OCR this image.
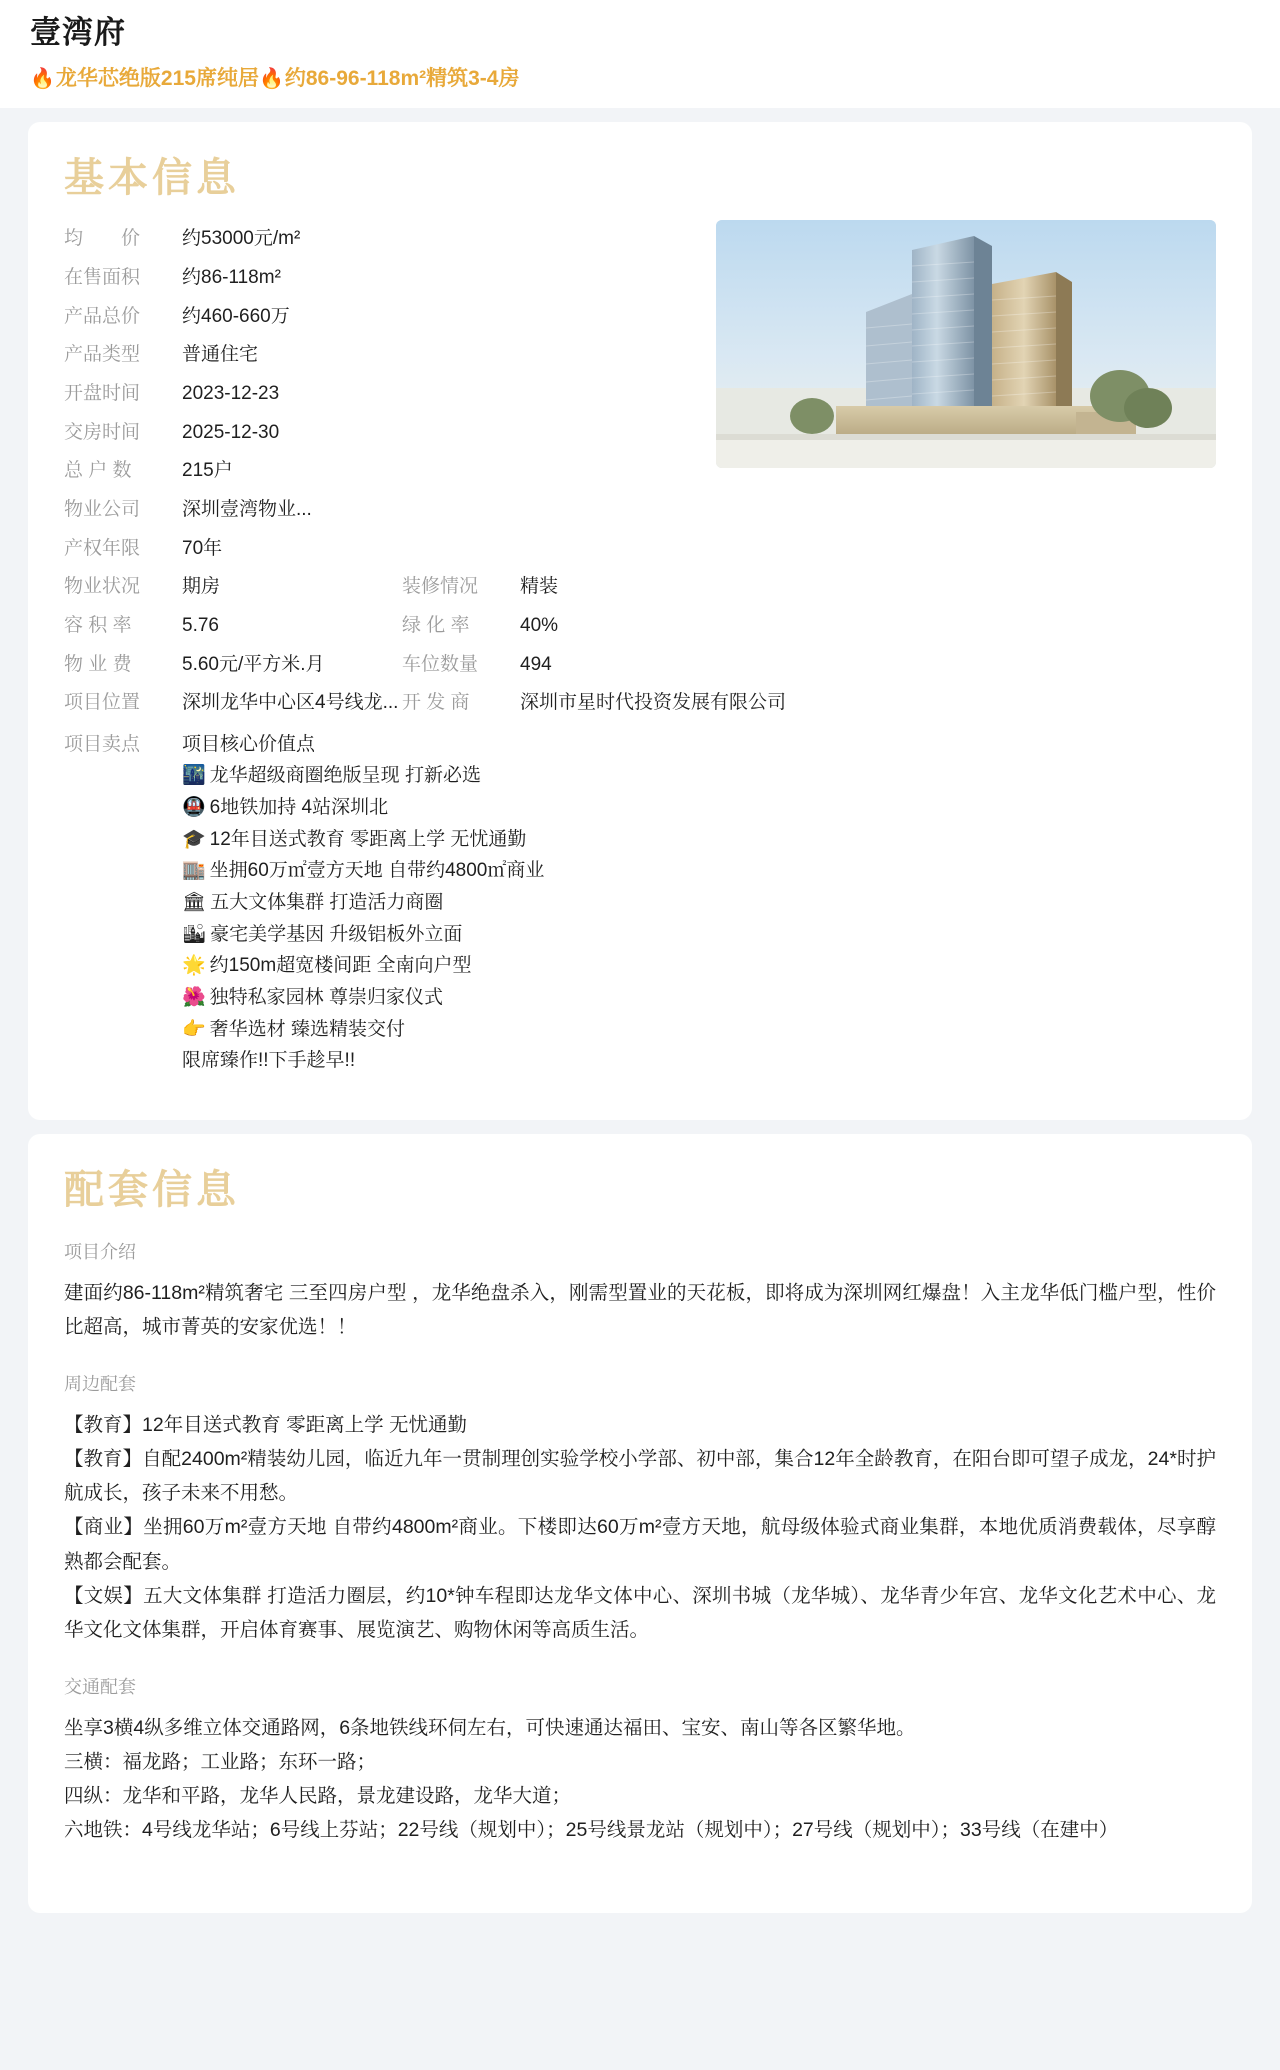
壹湾府
🔥 龙华芯绝版215席纯居 🔥 约86-96-118m²精筑3-4房
基本信息
均　　价	约53000元/m²
在售面积	约86-118m²
产品总价	约460-660万
产品类型	普通住宅
开盘时间	2023-12-23
交房时间	2025-12-30
总 户 数	215户
物业公司	深圳壹湾物业...
产权年限	70年
物业状况	期房	装修情况	精装
容 积 率	5.76	绿 化 率	40%
物 业 费	5.60元/平方米.月	车位数量	494
项目位置	深圳龙华中心区4号线龙... 开 发 商	深圳市星时代投资发展有限公司
项目卖点	项目核心价值点
🌃 龙华超级商圈绝版呈现 打新必选
🚇 6地铁加持 4站深圳北
🎓 12年目送式教育 零距离上学 无忧通勤
🏬 坐拥60万㎡壹方天地 自带约4800㎡商业
🏛 五大文体集群 打造活力商圈
🏙 豪宅美学基因 升级铝板外立面
🌟 约150m超宽楼间距 全南向户型
🌺 独特私家园林 尊崇归家仪式
👉 奢华选材 臻选精装交付
限席臻作!!下手趁早!!
配套信息
项目介绍

建面约86-118m²精筑奢宅 三至四房户型 ，龙华绝盘杀入，刚需型置业的天花板，即将成为深圳网红爆盘！入主龙华低门槛户型，性价比超高，城市菁英的安家优选！！

周边配套

【教育】12年目送式教育 零距离上学 无忧通勤

【教育】自配2400m²精装幼儿园，临近九年一贯制理创实验学校小学部、初中部，集合12年全龄教育，在阳台即可望子成龙，24*时护航成长，孩子未来不用愁。

【商业】坐拥60万m²壹方天地 自带约4800m²商业。下楼即达60万m²壹方天地，航母级体验式商业集群，本地优质消费载体，尽享醇熟都会配套。

【文娱】五大文体集群 打造活力圈层，约10*钟车程即达龙华文体中心、深圳书城（龙华城）、龙华青少年宫、龙华文化艺术中心、龙华文化文体集群，开启体育赛事、展览演艺、购物休闲等高质生活。

交通配套

坐享3横4纵多维立体交通路网，6条地铁线环伺左右，可快速通达福田、宝安、南山等各区繁华地。

三横：福龙路；工业路；东环一路；

四纵：龙华和平路，龙华人民路，景龙建设路，龙华大道；

六地铁：4号线龙华站；6号线上芬站；22号线（规划中）；25号线景龙站（规划中）；27号线（规划中）；33号线（在建中）
